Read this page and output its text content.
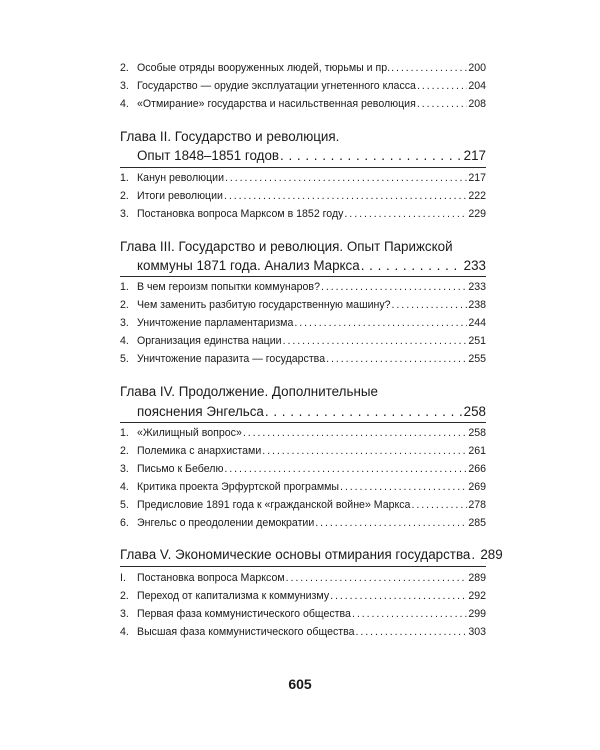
2. Особые отряды вооруженных людей, тюрьмы и пр. . . .	200
3. Государство — орудие эксплуатации угнетенного класса . . .	204
4. «Отмирание» государства и насильственная революция . . .	208
Глава II. Государство и революция.
Опыт 1848–1851 годов . . .	217
1. Канун революции . . .	217
2. Итоги революции . . .	222
3. Постановка вопроса Марксом в 1852 году . . .	229
Глава III. Государство и революция. Опыт Парижской
коммуны 1871 года. Анализ Маркса . . .	233
1. В чем героизм попытки коммунаров? . . .	233
2. Чем заменить разбитую государственную машину? . . .	238
3. Уничтожение парламентаризма . . .	244
4. Организация единства нации . . .	251
5. Уничтожение паразита — государства . . .	255
Глава IV. Продолжение. Дополнительные
пояснения Энгельса . . .	258
1. «Жилищный вопрос» . . .	258
2. Полемика с анархистами . . .	261
3. Письмо к Бебелю . . .	266
4. Критика проекта Эрфуртской программы . . .	269
5. Предисловие 1891 года к «гражданской войне» Маркса . . .	278
6. Энгельс о преодолении демократии . . .	285
Глава V. Экономические основы отмирания государства . . . 289
I.	Постановка вопроса Марксом . . .	289
2. Переход от капитализма к коммунизму . . .	292
3. Первая фаза коммунистического общества . . .	299
4. Высшая фаза коммунистического общества . . .	303
605
